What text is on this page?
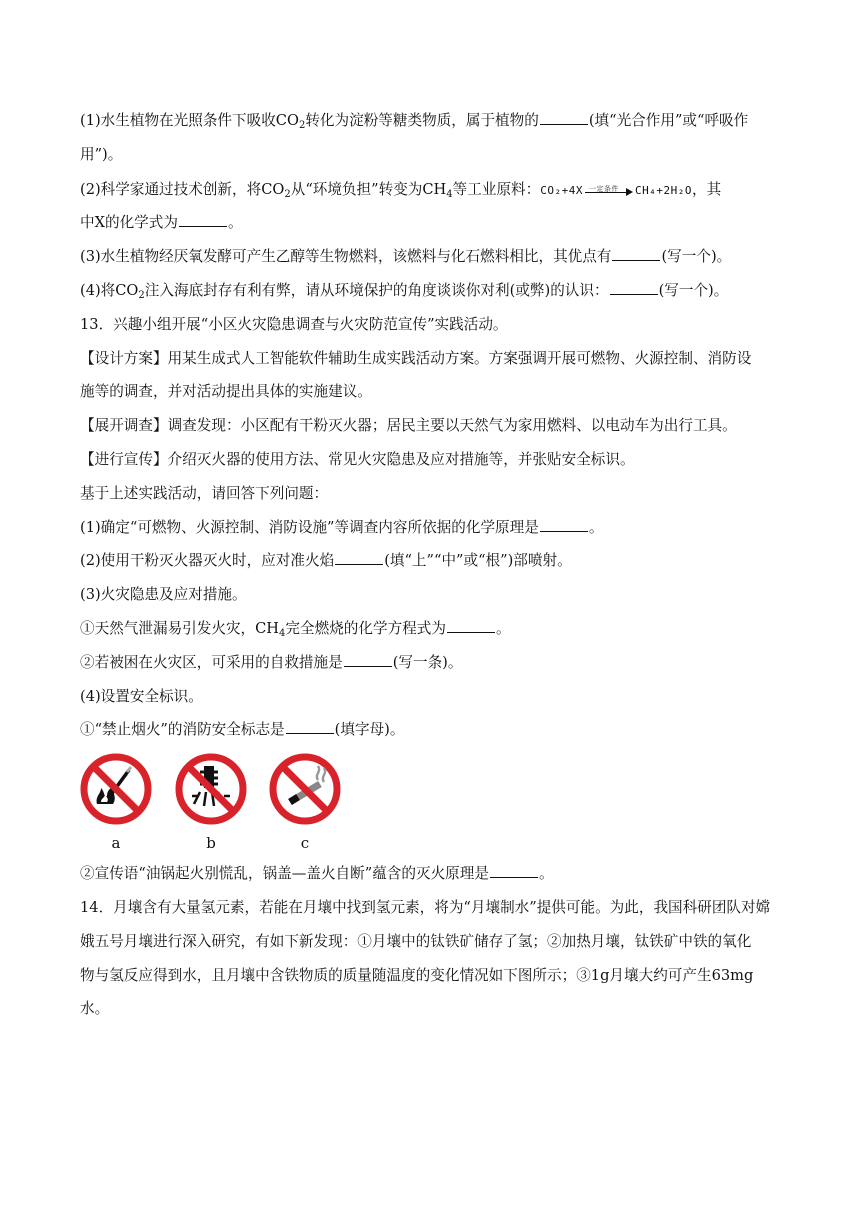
(1)水生植物在光照条件下吸收$CO_2$转化为淀粉等糖类物质，属于植物的	(填“光合作用”或“呼吸作
用”)。
(2)科学家通过技术创新，将$CO_2$从“环境负担”转变为$CH_4$等工业原料：CO₂+4X 一定条件 CH₄+2H₂O，其
中X的化学式为	。
(3)水生植物经厌氧发酵可产生乙醇等生物燃料，该燃料与化石燃料相比，其优点有	(写一个)。
(4)将$CO_2$注入海底封存有利有弊，请从环境保护的角度谈谈你对利(或弊)的认识：	(写一个)。
13．兴趣小组开展“小区火灾隐患调查与火灾防范宣传”实践活动。
【设计方案】用某生成式人工智能软件辅助生成实践活动方案。方案强调开展可燃物、火源控制、消防设
施等的调查，并对活动提出具体的实施建议。
【展开调查】调查发现：小区配有干粉灭火器；居民主要以天然气为家用燃料、以电动车为出行工具。
【进行宣传】介绍灭火器的使用方法、常见火灾隐患及应对措施等，并张贴安全标识。
基于上述实践活动，请回答下列问题：
(1)确定“可燃物、火源控制、消防设施”等调查内容所依据的化学原理是	。
(2)使用干粉灭火器灭火时，应对准火焰	(填“上”“中”或“根”)部喷射。
(3)火灾隐患及应对措施。
①天然气泄漏易引发火灾，$CH_4$完全燃烧的化学方程式为	。
②若被困在火灾区，可采用的自救措施是	(写一条)。
(4)设置安全标识。
①“禁止烟火”的消防安全标志是	(填字母)。
a	b	c
②宣传语“油锅起火别慌乱，锅盖—盖火自断”蕴含的灭火原理是	。
14．月壤含有大量氢元素，若能在月壤中找到氢元素，将为“月壤制水”提供可能。为此，我国科研团队对嫦
娥五号月壤进行深入研究，有如下新发现：①月壤中的钛铁矿储存了氢；②加热月壤，钛铁矿中铁的氧化
物与氢反应得到水，且月壤中含铁物质的质量随温度的变化情况如下图所示；③1g月壤大约可产生63mg
水。
